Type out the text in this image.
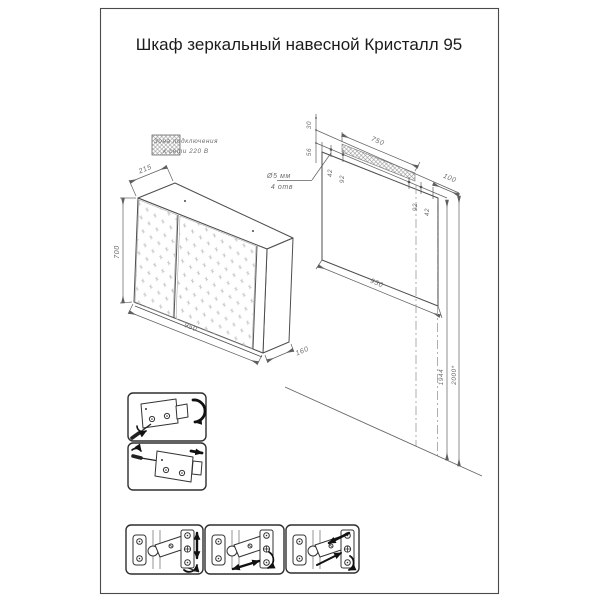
Шкаф зеркальный навесной Кристалл 95
Зона подключения
к сети 220 В
Ø5 мм
4 отв
215
700
950
160
30
56
750
42
92
92
42
100
950
1944 2000*
